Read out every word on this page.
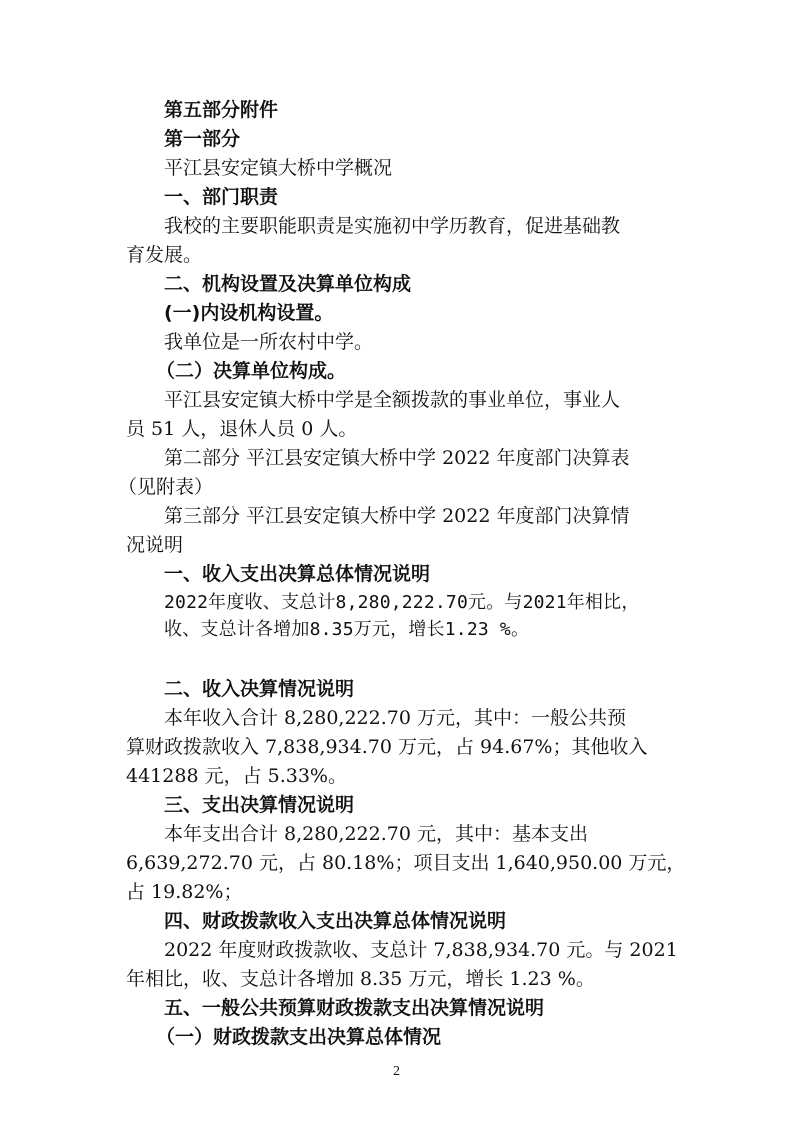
第五部分附件

第一部分

平江县安定镇大桥中学概况

一、部门职责

我校的主要职能职责是实施初中学历教育，促进基础教

育发展。

二、机构设置及决算单位构成

(一)内设机构设置。

我单位是一所农村中学。

（二）决算单位构成。

平江县安定镇大桥中学是全额拨款的事业单位，事业人

员 51 人，退休人员 0 人。

第二部分 平江县安定镇大桥中学 2022 年度部门决算表

（见附表）

第三部分 平江县安定镇大桥中学 2022 年度部门决算情

况说明

一、收入支出决算总体情况说明

2022年度收、支总计8,280,222.70元。与2021年相比，

收、支总计各增加8.35万元，增长1.23 %。

二、收入决算情况说明

本年收入合计 8,280,222.70 万元，其中：一般公共预

算财政拨款收入 7,838,934.70 万元，占 94.67%；其他收入

441288 元，占 5.33%。

三、支出决算情况说明

本年支出合计 8,280,222.70 元，其中：基本支出

6,639,272.70 元，占 80.18%；项目支出 1,640,950.00 万元，

占 19.82%；

四、财政拨款收入支出决算总体情况说明

2022 年度财政拨款收、支总计 7,838,934.70 元。与 2021

年相比，收、支总计各增加 8.35 万元，增长 1.23 %。

五、一般公共预算财政拨款支出决算情况说明

（一）财政拨款支出决算总体情况

2
